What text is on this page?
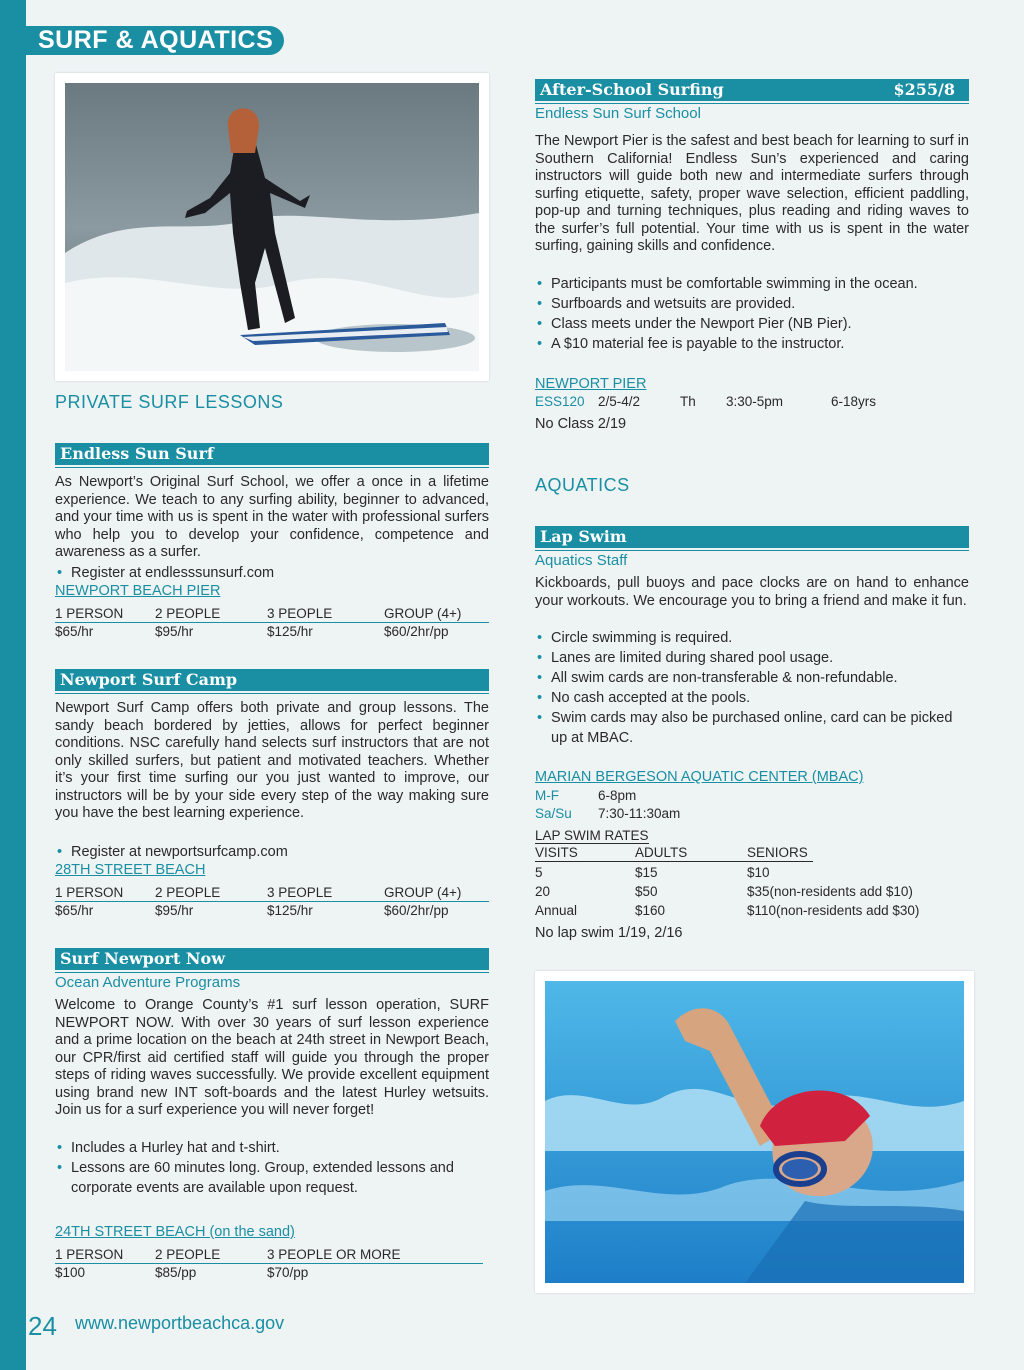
SURF & AQUATICS
PRIVATE SURF LESSONS
Endless Sun Surf
As Newport’s Original Surf School, we offer a once in a lifetime experience. We teach to any surfing ability, beginner to advanced, and your time with us is spent in the water with professional surfers who help you to develop your confidence, competence and awareness as a surfer.
• Register at endlesssunsurf.com
NEWPORT BEACH PIER
1 PERSON 2 PEOPLE	3 PEOPLE	GROUP (4+)
$65/hr	$95/hr	$125/hr	$60/2hr/pp
Newport Surf Camp
Newport Surf Camp offers both private and group lessons. The sandy beach bordered by jetties, allows for perfect beginner conditions. NSC carefully hand selects surf instructors that are not only skilled surfers, but patient and motivated teachers. Whether it’s your first time surfing our you just wanted to improve, our instructors will be by your side every step of the way making sure you have the best learning experience.
• Register at newportsurfcamp.com
28TH STREET BEACH
1 PERSON 2 PEOPLE	3 PEOPLE	GROUP (4+)
$65/hr	$95/hr	$125/hr	$60/2hr/pp
Surf Newport Now
Ocean Adventure Programs
Welcome to Orange County’s #1 surf lesson operation, SURF NEWPORT NOW. With over 30 years of surf lesson experience and a prime location on the beach at 24th street in Newport Beach, our CPR/first aid certified staff will guide you through the proper steps of riding waves successfully. We provide excellent equipment using brand new INT soft-boards and the latest Hurley wetsuits. Join us for a surf experience you will never forget!
• Includes a Hurley hat and t-shirt.
• Lessons are 60 minutes long. Group, extended lessons and corporate events are available upon request.
24TH STREET BEACH (on the sand)
1 PERSON 2 PEOPLE	3 PEOPLE OR MORE
$100	$85/pp	$70/pp
After-School Surfing	$255/8
Endless Sun Surf School
The Newport Pier is the safest and best beach for learning to surf in Southern California! Endless Sun’s experienced and caring instructors will guide both new and intermediate surfers through surfing etiquette, safety, proper wave selection, efficient paddling, pop-up and turning techniques, plus reading and riding waves to the surfer’s full potential. Your time with us is spent in the water surfing, gaining skills and confidence.
• Participants must be comfortable swimming in the ocean.
• Surfboards and wetsuits are provided.
• Class meets under the Newport Pier (NB Pier).
• A $10 material fee is payable to the instructor.
NEWPORT PIER
ESS120 2/5-4/2	Th 3:30-5pm	6-18yrs
No Class 2/19
AQUATICS
Lap Swim
Aquatics Staff
Kickboards, pull buoys and pace clocks are on hand to enhance your workouts. We encourage you to bring a friend and make it fun.
• Circle swimming is required.
• Lanes are limited during shared pool usage.
• All swim cards are non-transferable & non-refundable.
• No cash accepted at the pools.
• Swim cards may also be purchased online, card can be picked up at MBAC.
MARIAN BERGESON AQUATIC CENTER (MBAC)
M-F	6-8pm
Sa/Su 7:30-11:30am
LAP SWIM RATES
VISITS	ADULTS	SENIORS
5	$15	$10
20	$50	$35(non-residents add $10)
Annual	$160	$110(non-residents add $30)
No lap swim 1/19, 2/16
24 www.newportbeachca.gov
